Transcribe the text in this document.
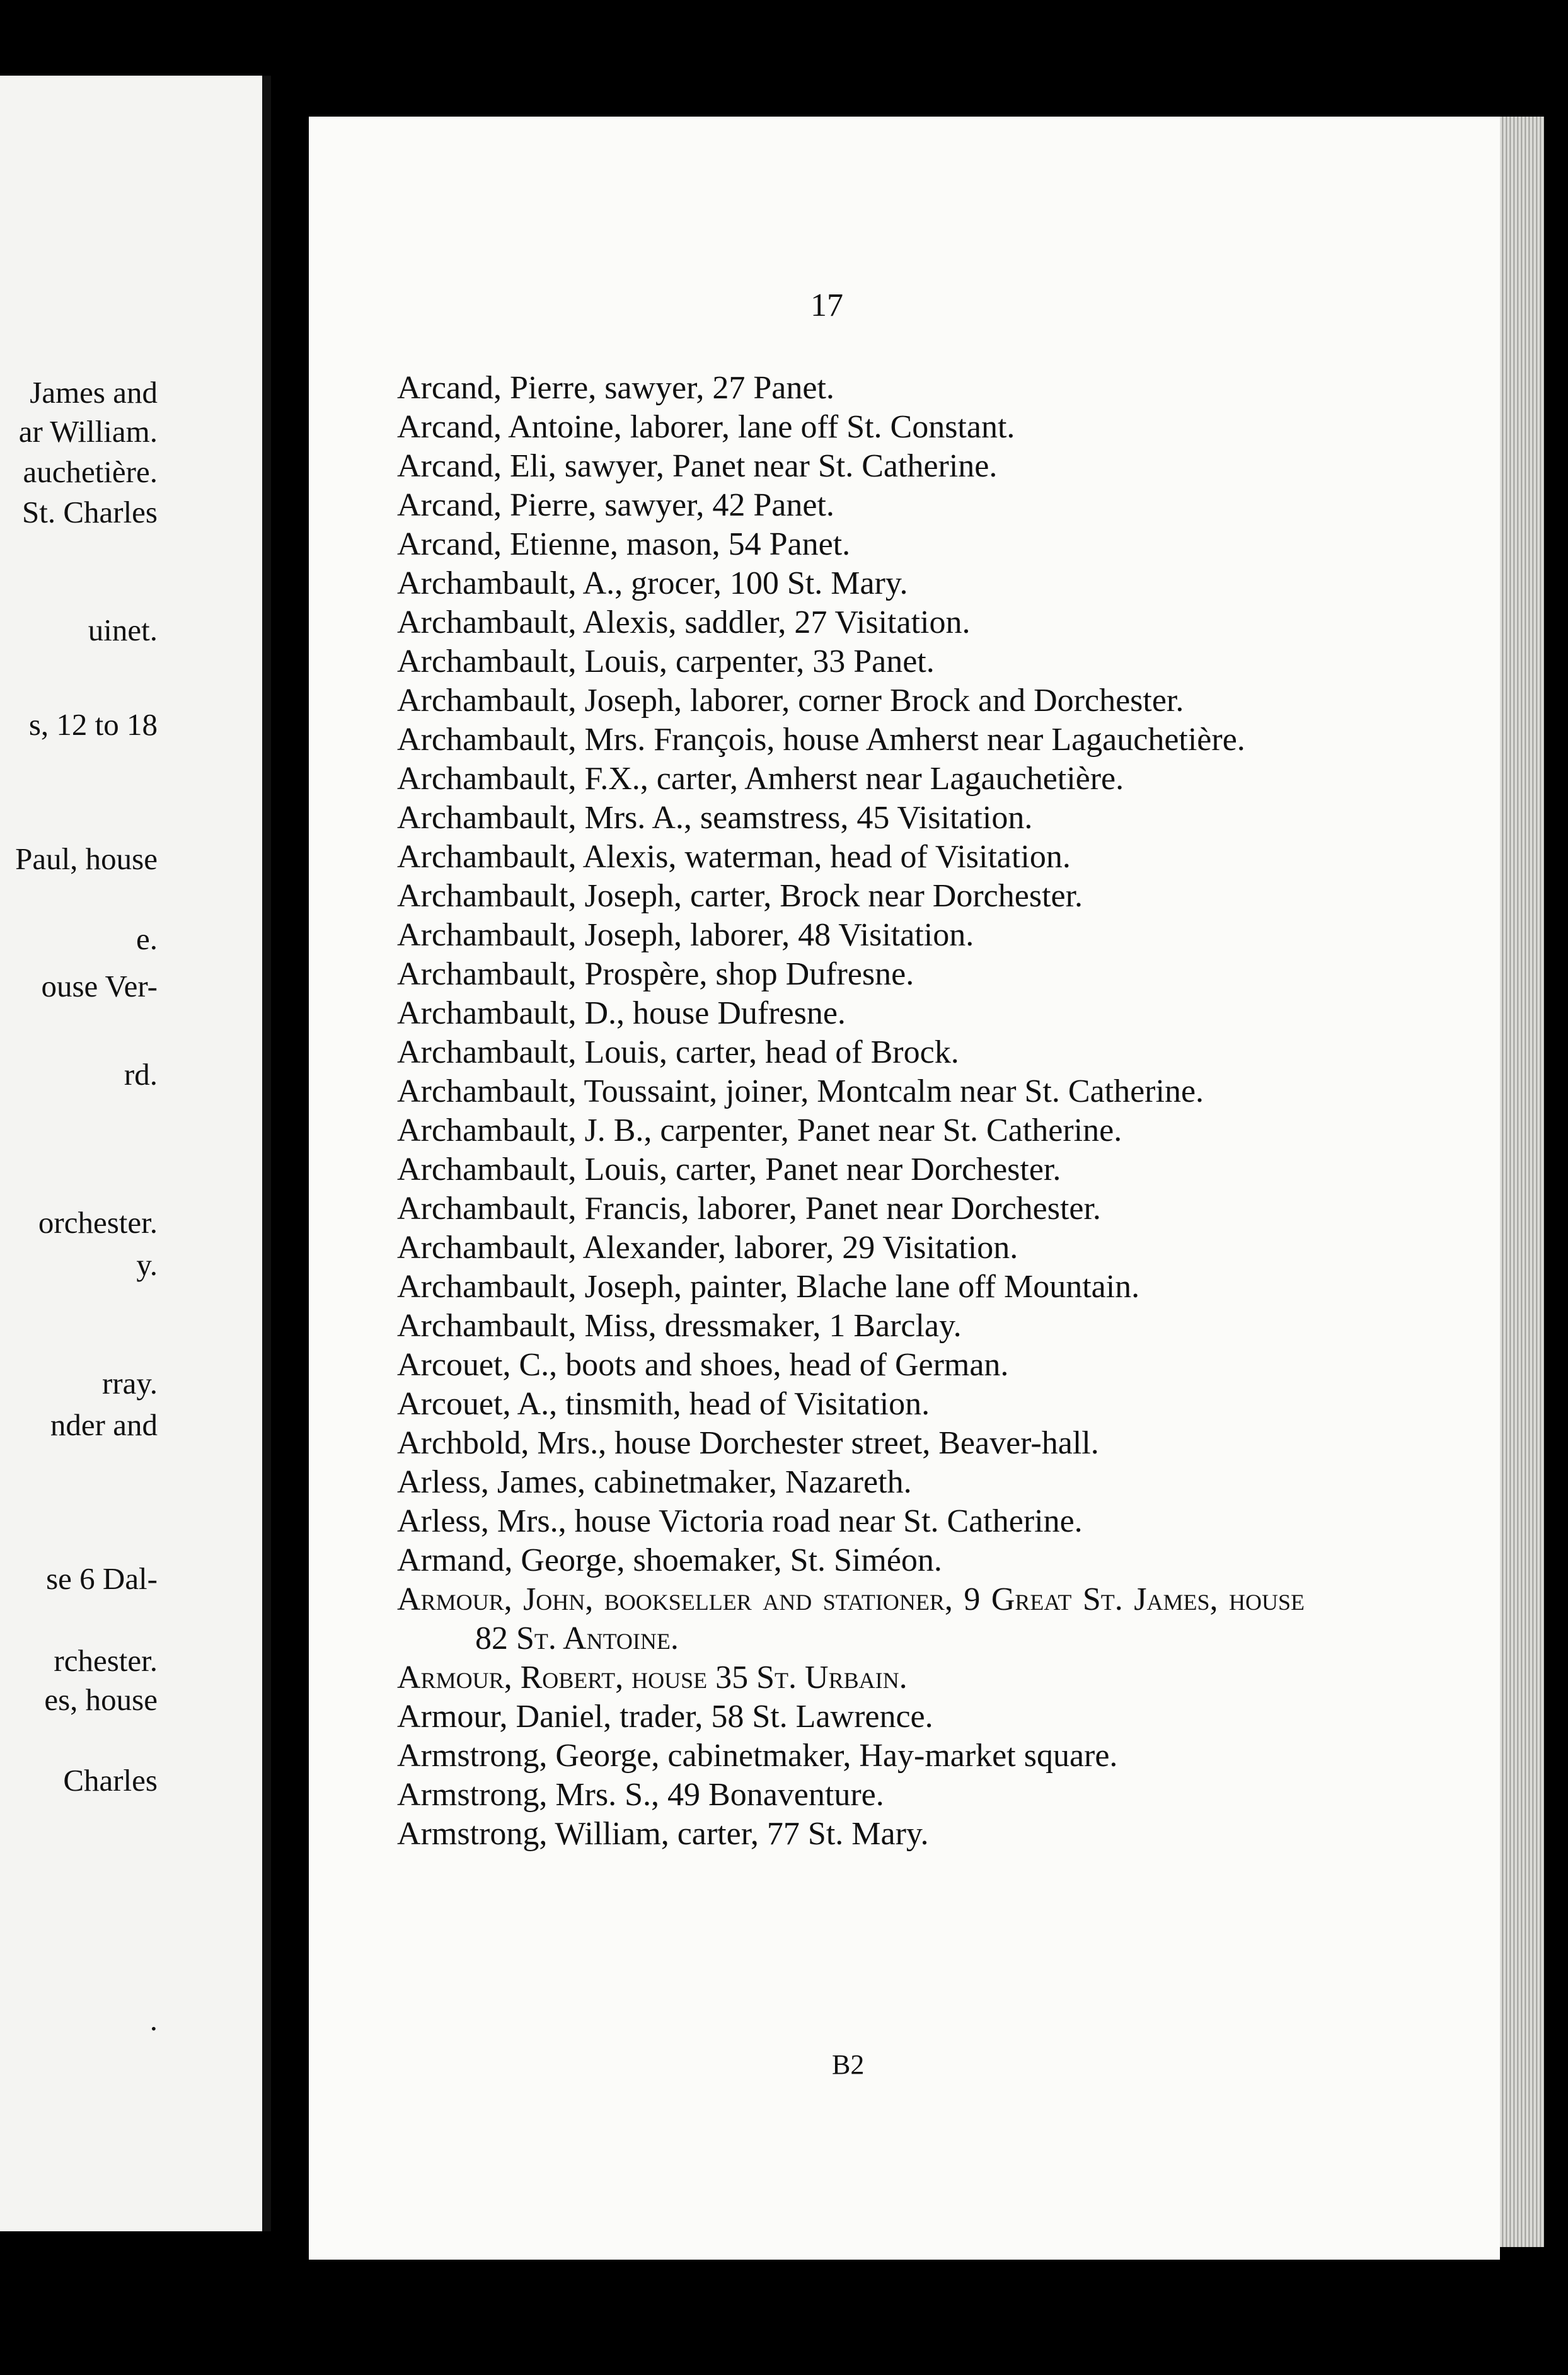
James and
ar William.
auchetière.
St. Charles
uinet.
s, 12 to 18
Paul, house
e.
ouse Ver-
rd.
orchester.
y.
rray.
nder and
se 6 Dal-
rchester.
es, house
Charles
.
17
Arcand, Pierre, sawyer, 27 Panet.
Arcand, Antoine, laborer, lane off St. Constant.
Arcand, Eli, sawyer, Panet near St. Catherine.
Arcand, Pierre, sawyer, 42 Panet.
Arcand, Etienne, mason, 54 Panet.
Archambault, A., grocer, 100 St. Mary.
Archambault, Alexis, saddler, 27 Visitation.
Archambault, Louis, carpenter, 33 Panet.
Archambault, Joseph, laborer, corner Brock and Dorchester.
Archambault, Mrs. François, house Amherst near Lagauchetière.
Archambault, F.X., carter, Amherst near Lagauchetière.
Archambault, Mrs. A., seamstress, 45 Visitation.
Archambault, Alexis, waterman, head of Visitation.
Archambault, Joseph, carter, Brock near Dorchester.
Archambault, Joseph, laborer, 48 Visitation.
Archambault, Prospère, shop Dufresne.
Archambault, D., house Dufresne.
Archambault, Louis, carter, head of Brock.
Archambault, Toussaint, joiner, Montcalm near St. Catherine.
Archambault, J. B., carpenter, Panet near St. Catherine.
Archambault, Louis, carter, Panet near Dorchester.
Archambault, Francis, laborer, Panet near Dorchester.
Archambault, Alexander, laborer, 29 Visitation.
Archambault, Joseph, painter, Blache lane off Mountain.
Archambault, Miss, dressmaker, 1 Barclay.
Arcouet, C., boots and shoes, head of German.
Arcouet, A., tinsmith, head of Visitation.
Archbold, Mrs., house Dorchester street, Beaver-hall.
Arless, James, cabinetmaker, Nazareth.
Arless, Mrs., house Victoria road near St. Catherine.
Armand, George, shoemaker, St. Siméon.
Armour, John, bookseller and stationer, 9 Great St. James, house 82 St. Antoine.
Armour, Robert, house 35 St. Urbain.
Armour, Daniel, trader, 58 St. Lawrence.
Armstrong, George, cabinetmaker, Hay-market square.
Armstrong, Mrs. S., 49 Bonaventure.
Armstrong, William, carter, 77 St. Mary.
B2
